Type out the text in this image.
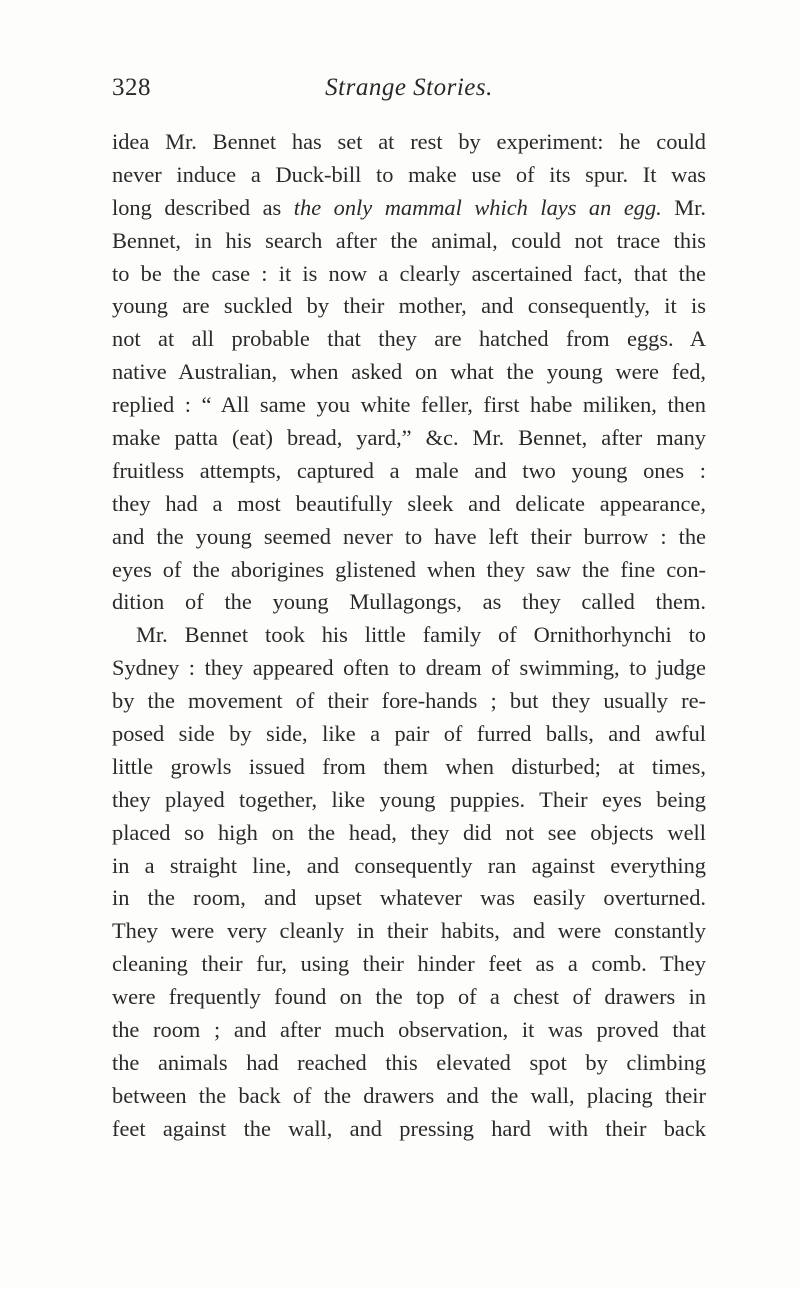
328	Strange Stories.
idea Mr. Bennet has set at rest by experiment: he could
never induce a Duck-bill to make use of its spur. It was
long described as the only mammal which lays an egg. Mr.
Bennet, in his search after the animal, could not trace this
to be the case : it is now a clearly ascertained fact, that the
young are suckled by their mother, and consequently, it is
not at all probable that they are hatched from eggs. A
native Australian, when asked on what the young were fed,
replied : “ All same you white feller, first habe miliken, then
make patta (eat) bread, yard,” &c. Mr. Bennet, after many
fruitless attempts, captured a male and two young ones :
they had a most beautifully sleek and delicate appearance,
and the young seemed never to have left their burrow : the
eyes of the aborigines glistened when they saw the fine con-
dition of the young Mullagongs, as they called them.
Mr. Bennet took his little family of Ornithorhynchi to
Sydney : they appeared often to dream of swimming, to judge
by the movement of their fore-hands ; but they usually re-
posed side by side, like a pair of furred balls, and awful
little growls issued from them when disturbed; at times,
they played together, like young puppies. Their eyes being
placed so high on the head, they did not see objects well
in a straight line, and consequently ran against everything
in the room, and upset whatever was easily overturned.
They were very cleanly in their habits, and were constantly
cleaning their fur, using their hinder feet as a comb. They
were frequently found on the top of a chest of drawers in
the room ; and after much observation, it was proved that
the animals had reached this elevated spot by climbing
between the back of the drawers and the wall, placing their
feet against the wall, and pressing hard with their back
